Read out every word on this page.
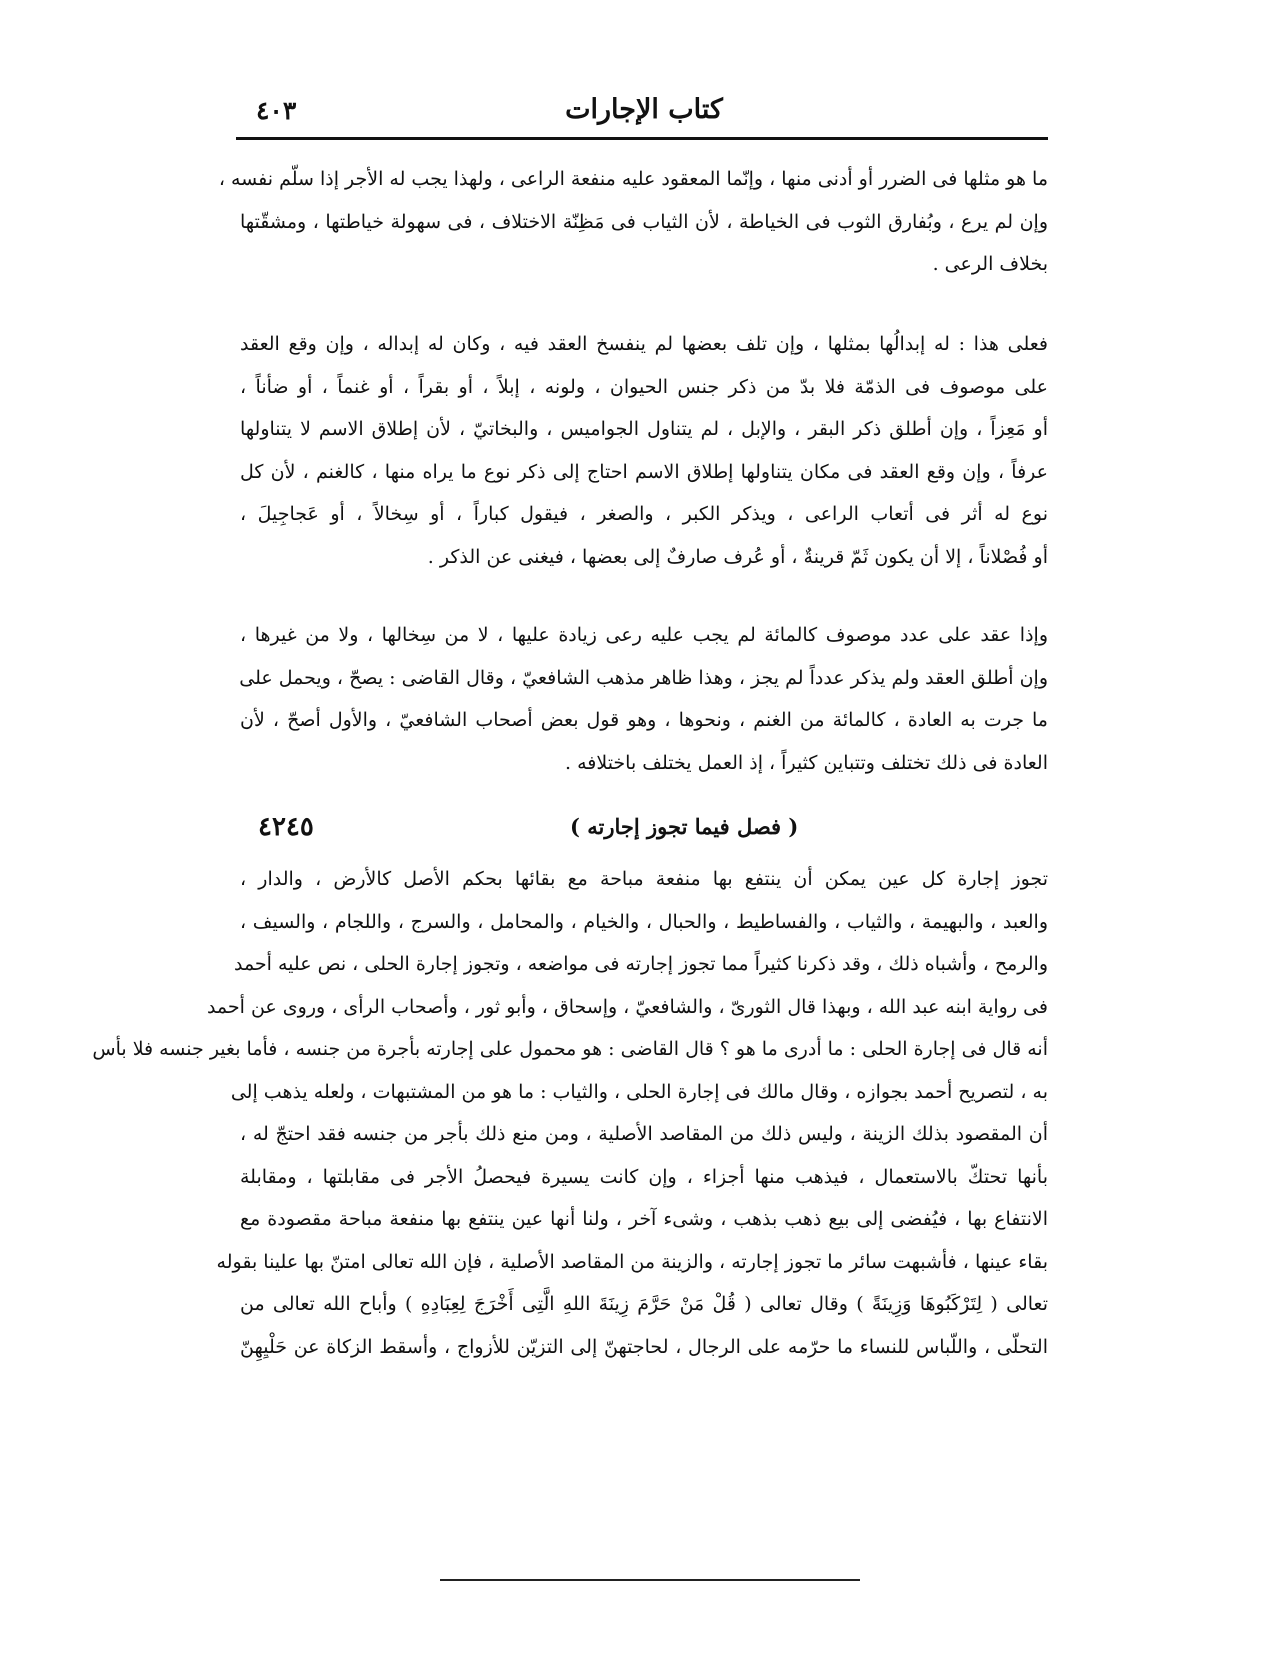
كتاب الإجارات
٤٠٣
ما هو مثلها فى الضرر أو أدنى منها ، وإنّما المعقود عليه منفعة الراعى ، ولهذا يجب له الأجر إذا سلّم نفسه ،
وإن لم يرع ، وبُفارق الثوب فى الخياطة ، لأن الثياب فى مَظِنّة الاختلاف ، فى سهولة خياطتها ، ومشقّتها
بخلاف الرعى .
فعلى هذا : له إبدالُها بمثلها ، وإن تلف بعضها لم ينفسخ العقد فيه ، وكان له إبداله ، وإن وقع العقد
على موصوف فى الذمّة فلا بدّ من ذكر جنس الحيوان ، ولونه ، إبلاً ، أو بقراً ، أو غنماً ، أو ضأناً ،
أو مَعِزاً ، وإن أطلق ذكر البقر ، والإبل ، لم يتناول الجواميس ، والبخاتيّ ، لأن إطلاق الاسم لا يتناولها
عرفاً ، وإن وقع العقد فى مكان يتناولها إطلاق الاسم احتاج إلى ذكر نوع ما يراه منها ، كالغنم ، لأن كل
نوع له أثر فى أتعاب الراعى ، ويذكر الكبر ، والصغر ، فيقول كباراً ، أو سِخالاً ، أو عَجاجِيلَ ،
أو فُصْلاناً ، إلا أن يكون ثَمّ قرينةٌ ، أو عُرف صارفٌ إلى بعضها ، فيغنى عن الذكر .
وإذا عقد على عدد موصوف كالمائة لم يجب عليه رعى زيادة عليها ، لا من سِخالها ، ولا من غيرها ،
وإن أطلق العقد ولم يذكر عدداً لم يجز ، وهذا ظاهر مذهب الشافعيّ ، وقال القاضى : يصحّ ، ويحمل على
ما جرت به العادة ، كالمائة من الغنم ، ونحوها ، وهو قول بعض أصحاب الشافعيّ ، والأول أصحّ ، لأن
العادة فى ذلك تختلف وتتباين كثيراً ، إذ العمل يختلف باختلافه .
٤٢٤٥	( فصل فيما تجوز إجارته )
تجوز إجارة كل عين يمكن أن ينتفع بها منفعة مباحة مع بقائها بحكم الأصل كالأرض ، والدار ،
والعبد ، والبهيمة ، والثياب ، والفساطيط ، والحبال ، والخيام ، والمحامل ، والسرج ، واللجام ، والسيف ،
والرمح ، وأشباه ذلك ، وقد ذكرنا كثيراً مما تجوز إجارته فى مواضعه ، وتجوز إجارة الحلى ، نص عليه أحمد
فى رواية ابنه عبد الله ، وبهذا قال الثورىّ ، والشافعيّ ، وإسحاق ، وأبو ثور ، وأصحاب الرأى ، وروى عن أحمد
أنه قال فى إجارة الحلى : ما أدرى ما هو ؟ قال القاضى : هو محمول على إجارته بأجرة من جنسه ، فأما بغير جنسه فلا بأس
به ، لتصريح أحمد بجوازه ، وقال مالك فى إجارة الحلى ، والثياب : ما هو من المشتبهات ، ولعله يذهب إلى
أن المقصود بذلك الزينة ، وليس ذلك من المقاصد الأصلية ، ومن منع ذلك بأجر من جنسه فقد احتجّ له ،
بأنها تحتكّ بالاستعمال ، فيذهب منها أجزاء ، وإن كانت يسيرة فيحصلُ الأجر فى مقابلتها ، ومقابلة
الانتفاع بها ، فيُفضى إلى بيع ذهب بذهب ، وشىء آخر ، ولنا أنها عين ينتفع بها منفعة مباحة مقصودة مع
بقاء عينها ، فأشبهت سائر ما تجوز إجارته ، والزينة من المقاصد الأصلية ، فإن الله تعالى امتنّ بها علينا بقوله
تعالى ( لِتَرْكَبُوهَا وَزِينَةً ) وقال تعالى ( قُلْ مَنْ حَرَّمَ زِينَةَ اللهِ الَّتِى أَخْرَجَ لِعِبَادِهِ ) وأباح الله تعالى من
التحلّى ، واللّباس للنساء ما حرّمه على الرجال ، لحاجتهنّ إلى التزيّن للأزواج ، وأسقط الزكاة عن حَلْيِهِنّ
